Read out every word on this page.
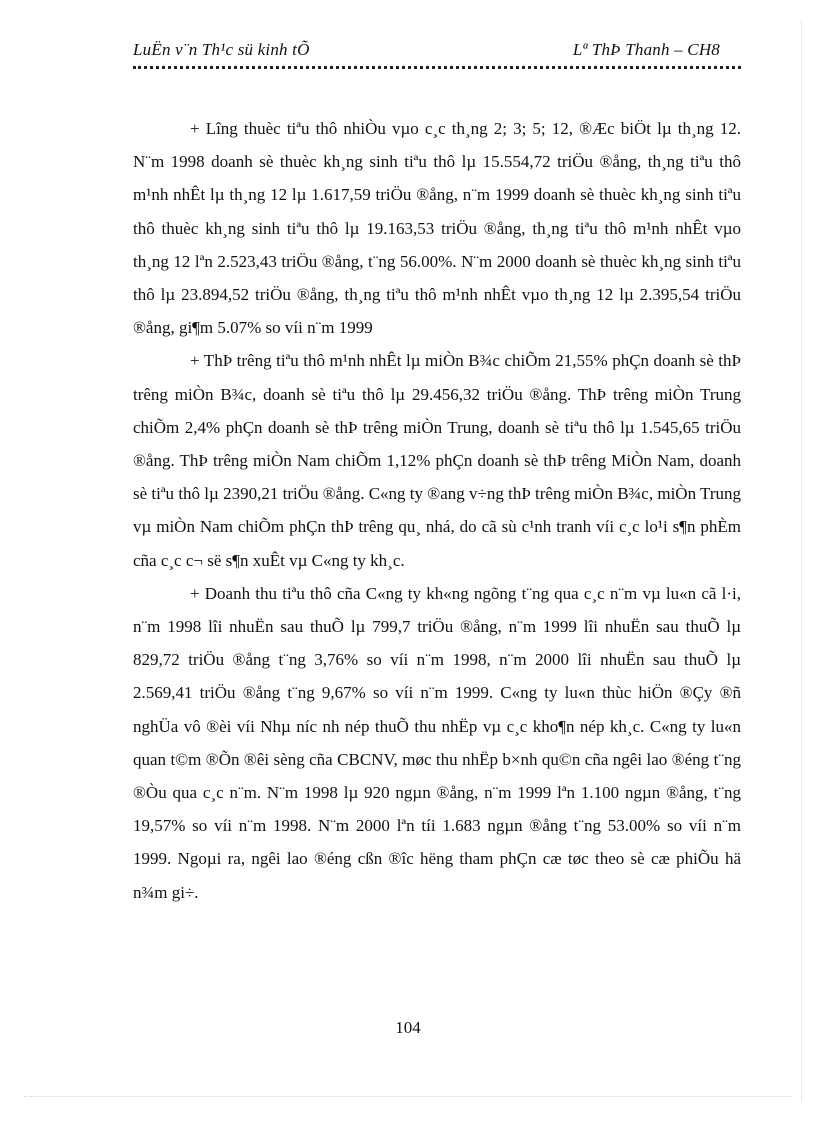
LuËn v¨n Th¹c sü kinh tÕ	Lª ThÞ Thanh – CH8

+ Lîng thuèc tiªu thô nhiÒu vµo c¸c th¸ng 2; 3; 5; 12, ®Æc biÖt lµ th¸ng 12. N¨m 1998 doanh sè thuèc kh¸ng sinh tiªu thô lµ 15.554,72 triÖu ®ång, th¸ng tiªu thô m¹nh nhÊt lµ th¸ng 12 lµ 1.617,59 triÖu ®ång, n¨m 1999 doanh sè thuèc kh¸ng sinh tiªu thô thuèc kh¸ng sinh tiªu thô lµ 19.163,53 triÖu ®ång, th¸ng tiªu thô m¹nh nhÊt vµo th¸ng 12 lªn 2.523,43 triÖu ®ång, t¨ng 56.00%. N¨m 2000 doanh sè thuèc kh¸ng sinh tiªu thô lµ 23.894,52 triÖu ®ång, th¸ng tiªu thô m¹nh nhÊt vµo th¸ng 12 lµ 2.395,54 triÖu ®ång, gi¶m 5.07% so víi n¨m 1999

+ ThÞ trêng tiªu thô m¹nh nhÊt lµ miÒn B¾c chiÕm 21,55% phÇn doanh sè thÞ trêng miÒn B¾c, doanh sè tiªu thô lµ 29.456,32 triÖu ®ång. ThÞ trêng miÒn Trung chiÕm 2,4% phÇn doanh sè thÞ trêng miÒn Trung, doanh sè tiªu thô lµ 1.545,65 triÖu ®ång. ThÞ trêng miÒn Nam chiÕm 1,12% phÇn doanh sè thÞ trêng MiÒn Nam, doanh sè tiªu thô lµ 2390,21 triÖu ®ång. C«ng ty ®ang v÷ng thÞ trêng miÒn B¾c, miÒn Trung vµ miÒn Nam chiÕm phÇn thÞ trêng qu¸ nhá, do cã sù c¹nh tranh víi c¸c lo¹i s¶n phÈm cña c¸c c¬ së s¶n xuÊt vµ C«ng ty kh¸c.

+ Doanh thu tiªu thô cña C«ng ty kh«ng ngõng t¨ng qua c¸c n¨m vµ lu«n cã l·i, n¨m 1998 lîi nhuËn sau thuÕ lµ 799,7 triÖu ®ång, n¨m 1999 lîi nhuËn sau thuÕ lµ 829,72 triÖu ®ång t¨ng 3,76% so víi n¨m 1998, n¨m 2000 lîi nhuËn sau thuÕ lµ 2.569,41 triÖu ®ång t¨ng 9,67% so víi n¨m 1999. C«ng ty lu«n thùc hiÖn ®Çy ®ñ nghÜa vô ®èi víi Nhµ níc nh nép thuÕ thu nhËp vµ c¸c kho¶n nép kh¸c. C«ng ty lu«n quan t©m ®Õn ®êi sèng cña CBCNV, møc thu nhËp b×nh qu©n cña ngêi lao ®éng t¨ng ®Òu qua c¸c n¨m. N¨m 1998 lµ 920 ngµn ®ång, n¨m 1999 lªn 1.100 ngµn ®ång, t¨ng 19,57% so víi n¨m 1998. N¨m 2000 lªn tíi 1.683 ngµn ®ång t¨ng 53.00% so víi n¨m 1999. Ngoµi ra, ngêi lao ®éng cßn ®îc hëng tham phÇn cæ tøc theo sè cæ phiÕu hä n¾m gi÷.

104
